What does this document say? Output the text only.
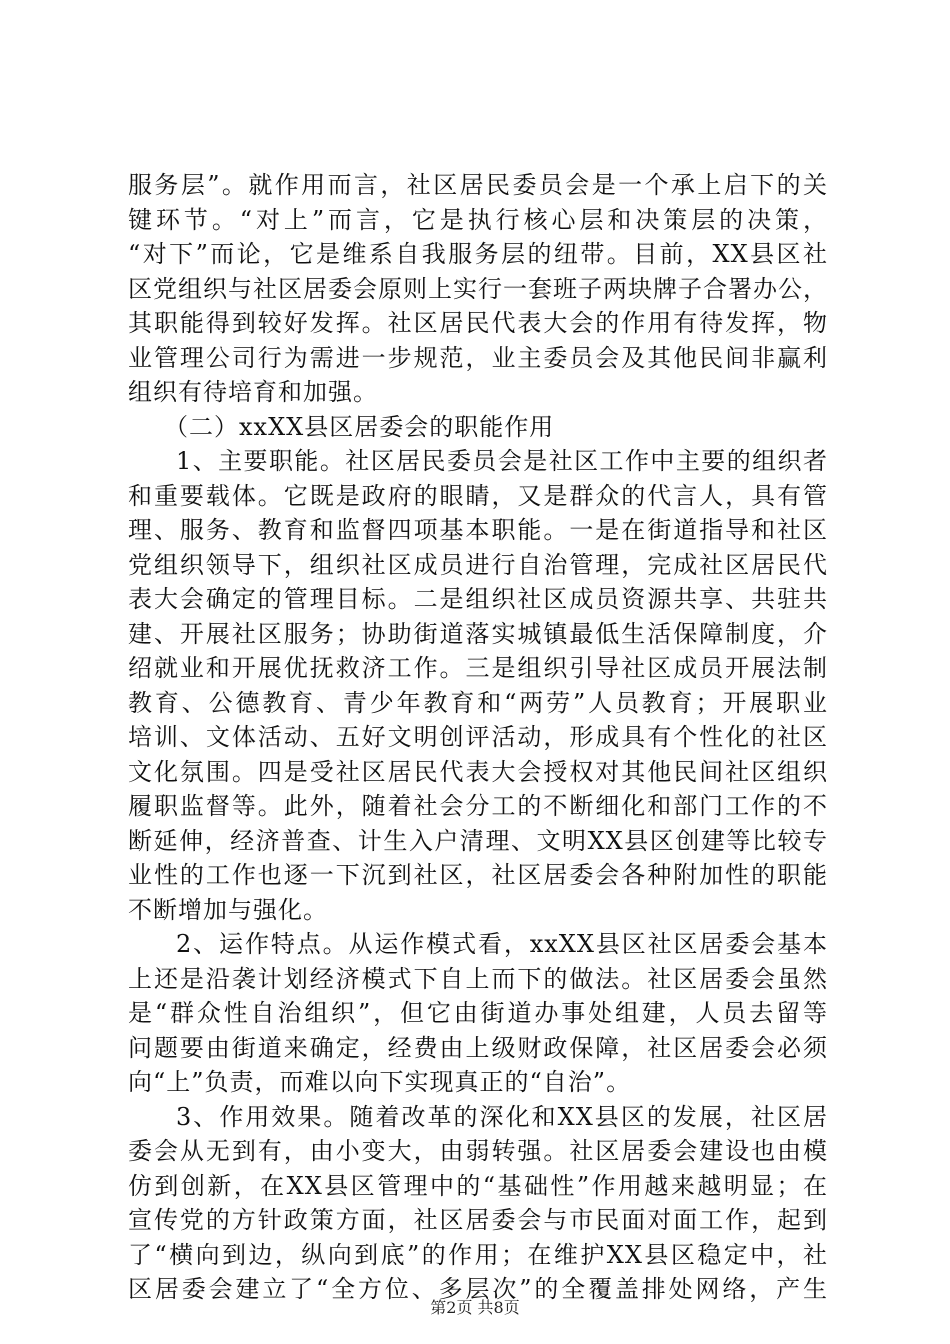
服务层”。就作用而言，社区居民委员会是一个承上启下的关
键环节。“对上”而言，它是执行核心层和决策层的决策，
“对下”而论，它是维系自我服务层的纽带。目前，XX县区社
区党组织与社区居委会原则上实行一套班子两块牌子合署办公，
其职能得到较好发挥。社区居民代表大会的作用有待发挥，物
业管理公司行为需进一步规范，业主委员会及其他民间非赢利
组织有待培育和加强。
（二）xxXX县区居委会的职能作用
1、主要职能。社区居民委员会是社区工作中主要的组织者
和重要载体。它既是政府的眼睛，又是群众的代言人，具有管
理、服务、教育和监督四项基本职能。一是在街道指导和社区
党组织领导下，组织社区成员进行自治管理，完成社区居民代
表大会确定的管理目标。二是组织社区成员资源共享、共驻共
建、开展社区服务；协助街道落实城镇最低生活保障制度，介
绍就业和开展优抚救济工作。三是组织引导社区成员开展法制
教育、公德教育、青少年教育和“两劳”人员教育；开展职业
培训、文体活动、五好文明创评活动，形成具有个性化的社区
文化氛围。四是受社区居民代表大会授权对其他民间社区组织
履职监督等。此外，随着社会分工的不断细化和部门工作的不
断延伸，经济普查、计生入户清理、文明XX县区创建等比较专
业性的工作也逐一下沉到社区，社区居委会各种附加性的职能
不断增加与强化。
2、运作特点。从运作模式看，xxXX县区社区居委会基本
上还是沿袭计划经济模式下自上而下的做法。社区居委会虽然
是“群众性自治组织”，但它由街道办事处组建，人员去留等
问题要由街道来确定，经费由上级财政保障，社区居委会必须
向“上”负责，而难以向下实现真正的“自治”。
3、作用效果。随着改革的深化和XX县区的发展，社区居
委会从无到有，由小变大，由弱转强。社区居委会建设也由模
仿到创新，在XX县区管理中的“基础性”作用越来越明显；在
宣传党的方针政策方面，社区居委会与市民面对面工作，起到
了“横向到边，纵向到底”的作用；在维护XX县区稳定中，社
区居委会建立了“全方位、多层次”的全覆盖排处网络，产生
第2页 共8页
